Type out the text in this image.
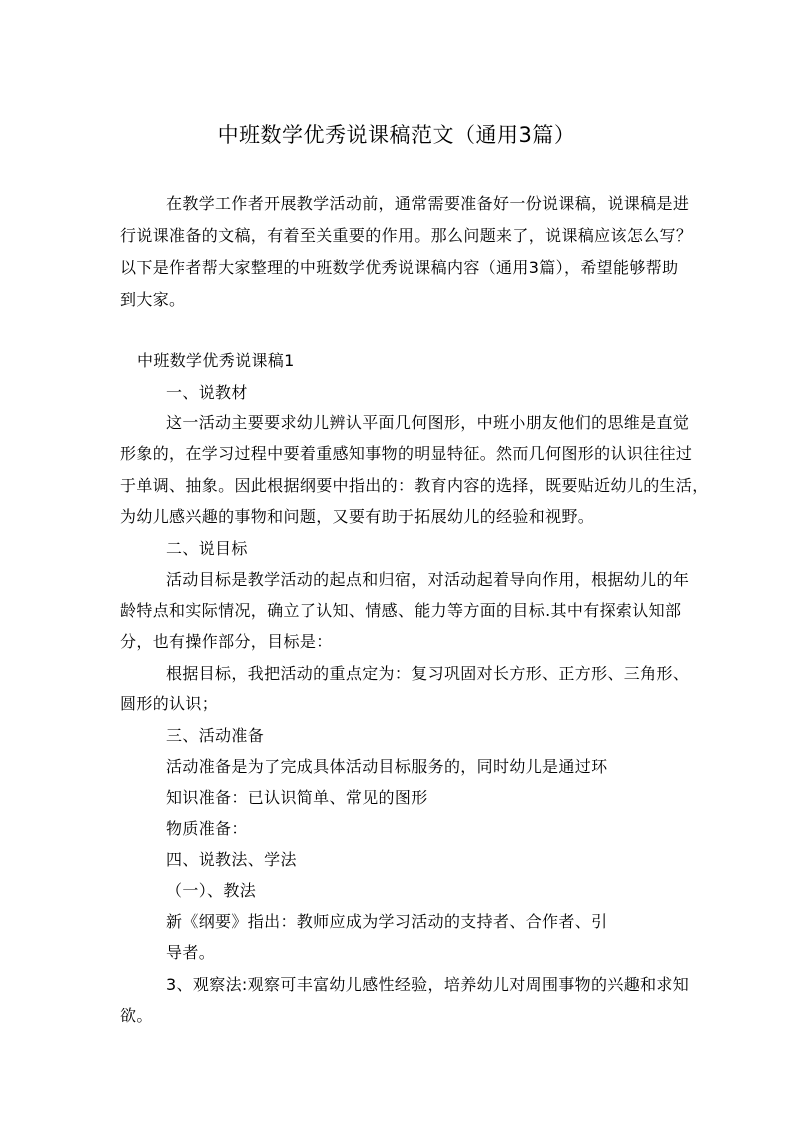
中班数学优秀说课稿范文（通用3篇）
在教学工作者开展教学活动前，通常需要准备好一份说课稿，说课稿是进
行说课准备的文稿，有着至关重要的作用。那么问题来了，说课稿应该怎么写？
以下是作者帮大家整理的中班数学优秀说课稿内容（通用3篇），希望能够帮助
到大家。
中班数学优秀说课稿1
一、说教材
这一活动主要要求幼儿辨认平面几何图形，中班小朋友他们的思维是直觉
形象的，在学习过程中要着重感知事物的明显特征。然而几何图形的认识往往过
于单调、抽象。因此根据纲要中指出的：教育内容的选择，既要贴近幼儿的生活，
为幼儿感兴趣的事物和问题，又要有助于拓展幼儿的经验和视野。
二、说目标
活动目标是教学活动的起点和归宿，对活动起着导向作用，根据幼儿的年
龄特点和实际情况，确立了认知、情感、能力等方面的目标.其中有探索认知部
分，也有操作部分，目标是：
根据目标，我把活动的重点定为：复习巩固对长方形、正方形、三角形、
圆形的认识；
三、活动准备
活动准备是为了完成具体活动目标服务的，同时幼儿是通过环
知识准备：已认识简单、常见的图形
物质准备：
四、说教法、学法
（一）、教法
新《纲要》指出：教师应成为学习活动的支持者、合作者、引
导者。
3、观察法:观察可丰富幼儿感性经验，培养幼儿对周围事物的兴趣和求知
欲。
